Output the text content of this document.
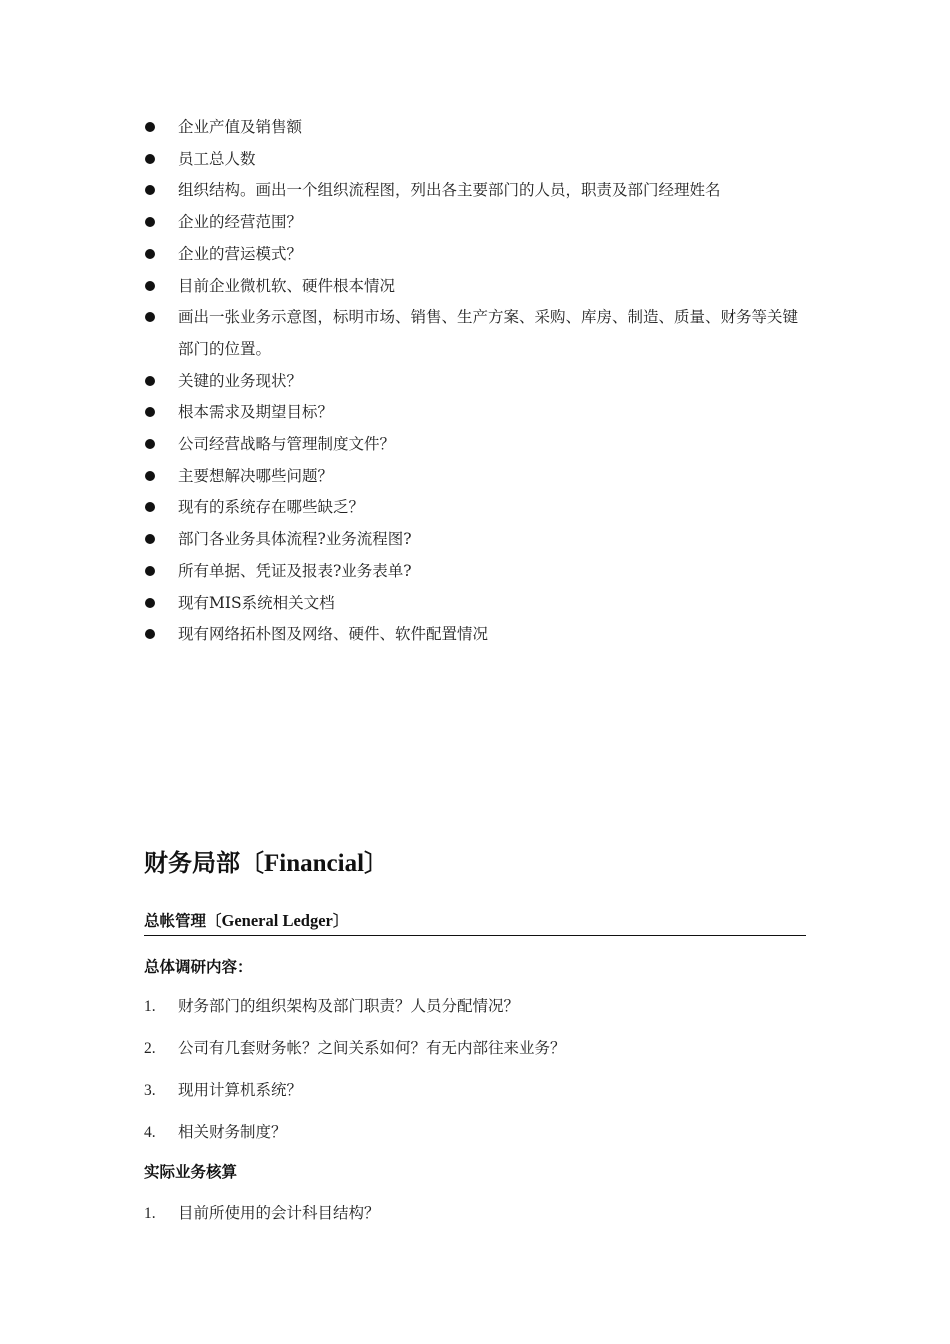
企业产值及销售额
员工总人数
组织结构。画出一个组织流程图，列出各主要部门的人员，职责及部门经理姓名
企业的经营范围？
企业的营运模式？
目前企业微机软、硬件根本情况
画出一张业务示意图，标明市场、销售、生产方案、采购、库房、制造、质量、财务等关键部门的位置。
关键的业务现状？
根本需求及期望目标？
公司经营战略与管理制度文件？
主要想解决哪些问题？
现有的系统存在哪些缺乏？
部门各业务具体流程?业务流程图?
所有单据、凭证及报表?业务表单?
现有MIS系统相关文档
现有网络拓朴图及网络、硬件、软件配置情况
财务局部〔Financial〕
总帐管理〔General Ledger〕
总体调研内容：
1. 财务部门的组织架构及部门职责？人员分配情况？
2. 公司有几套财务帐？之间关系如何？有无内部往来业务？
3. 现用计算机系统？
4. 相关财务制度？
实际业务核算
1. 目前所使用的会计科目结构？
